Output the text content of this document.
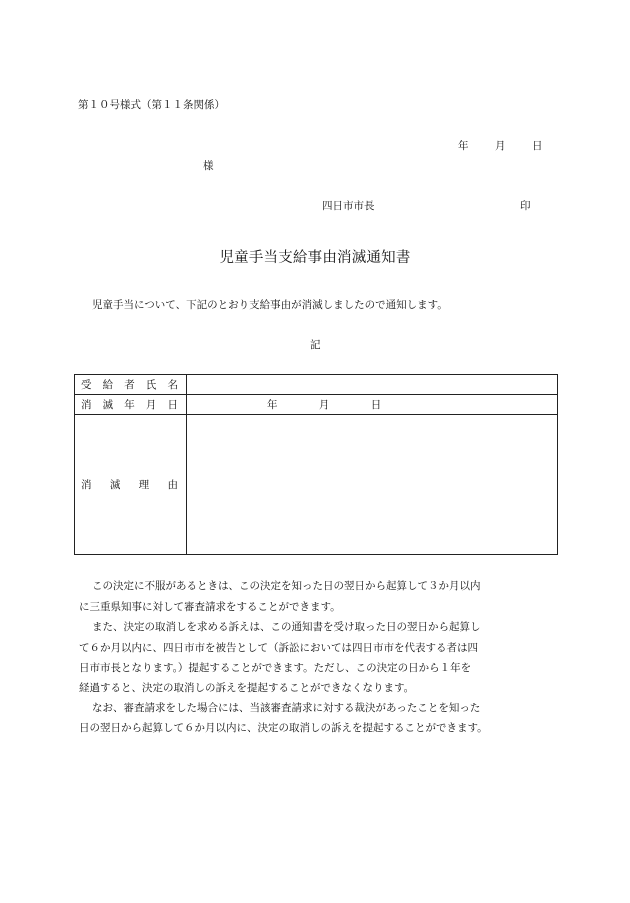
第１０号様式（第１１条関係）
年	月	日
様
四日市市長	印
児童手当支給事由消滅通知書
児童手当について、下記のとおり支給事由が消滅しましたので通知します。
記
受 給 者 氏 名	

消 滅 年 月 日	年 月 日

消 滅 理 由	

この決定に不服があるときは、この決定を知った日の翌日から起算して３か月以内

に三重県知事に対して審査請求をすることができます。

また、決定の取消しを求める訴えは、この通知書を受け取った日の翌日から起算し

て６か月以内に、四日市市を被告として（訴訟においては四日市市を代表する者は四

日市市長となります。）提起することができます。ただし、この決定の日から１年を

経過すると、決定の取消しの訴えを提起することができなくなります。

なお、審査請求をした場合には、当該審査請求に対する裁決があったことを知った

日の翌日から起算して６か月以内に、決定の取消しの訴えを提起することができます。
